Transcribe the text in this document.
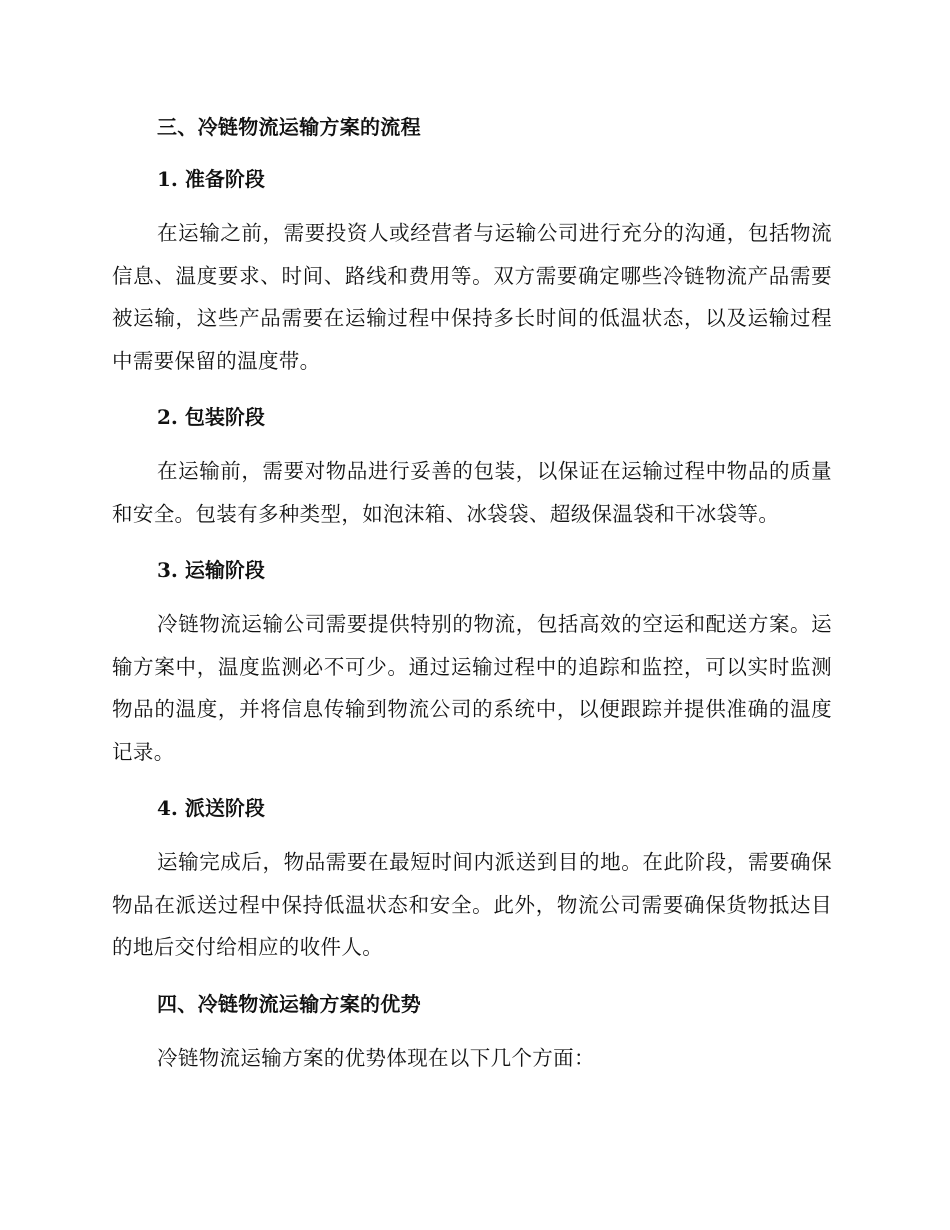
三、冷链物流运输方案的流程
1. 准备阶段

在运输之前，需要投资人或经营者与运输公司进行充分的沟通，包括物流信息、温度要求、时间、路线和费用等。双方需要确定哪些冷链物流产品需要被运输，这些产品需要在运输过程中保持多长时间的低温状态，以及运输过程中需要保留的温度带。

2. 包装阶段

在运输前，需要对物品进行妥善的包装，以保证在运输过程中物品的质量和安全。包装有多种类型，如泡沫箱、冰袋袋、超级保温袋和干冰袋等。

3. 运输阶段

冷链物流运输公司需要提供特别的物流，包括高效的空运和配送方案。运输方案中，温度监测必不可少。通过运输过程中的追踪和监控，可以实时监测物品的温度，并将信息传输到物流公司的系统中，以便跟踪并提供准确的温度记录。

4. 派送阶段

运输完成后，物品需要在最短时间内派送到目的地。在此阶段，需要确保物品在派送过程中保持低温状态和安全。此外，物流公司需要确保货物抵达目的地后交付给相应的收件人。

四、冷链物流运输方案的优势

冷链物流运输方案的优势体现在以下几个方面：
